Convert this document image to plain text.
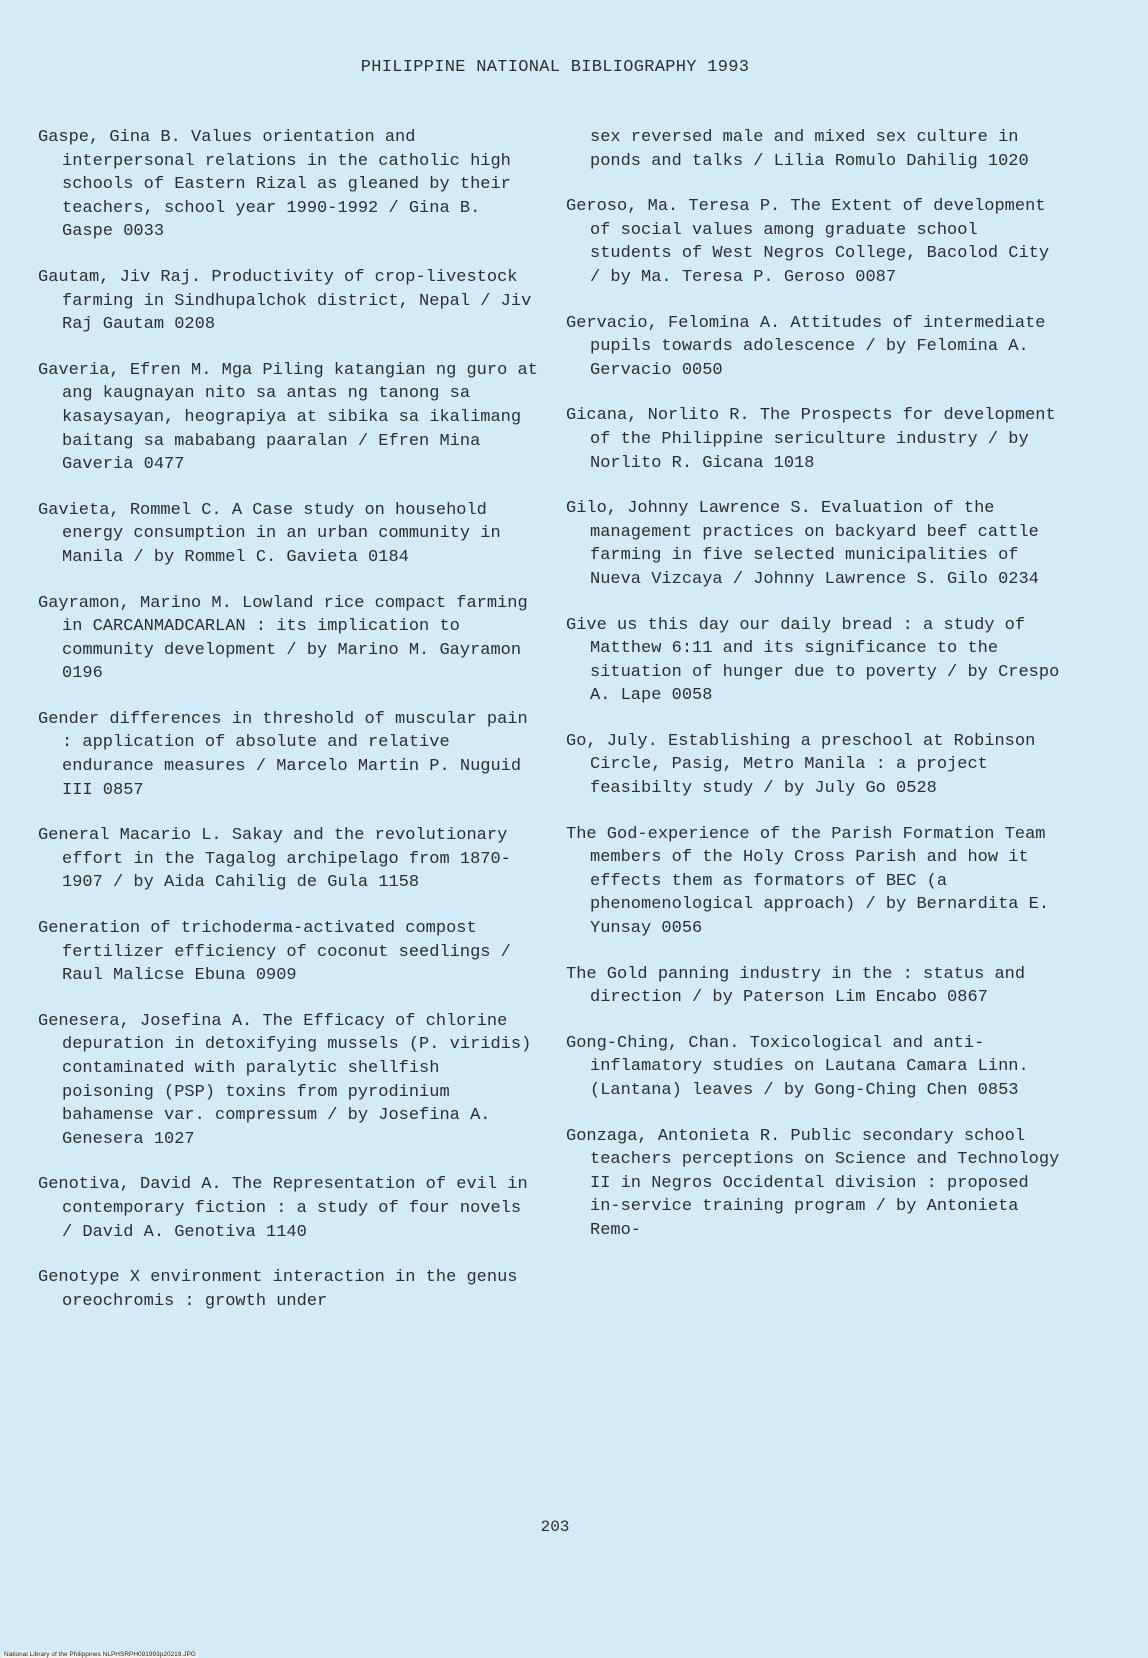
PHILIPPINE NATIONAL BIBLIOGRAPHY 1993

Gaspe, Gina B. Values orientation and interpersonal relations in the catholic high schools of Eastern Rizal as gleaned by their teachers, school year 1990-1992 / Gina B. Gaspe 0033

Gautam, Jiv Raj. Productivity of crop-livestock farming in Sindhupalchok district, Nepal / Jiv Raj Gautam 0208

Gaveria, Efren M. Mga Piling katangian ng guro at ang kaugnayan nito sa antas ng tanong sa kasaysayan, heograpiya at sibika sa ikalimang baitang sa mababang paaralan / Efren Mina Gaveria 0477

Gavieta, Rommel C. A Case study on household energy consumption in an urban community in Manila / by Rommel C. Gavieta 0184

Gayramon, Marino M. Lowland rice compact farming in CARCANMADCARLAN : its implication to community development / by Marino M. Gayramon 0196

Gender differences in threshold of muscular pain : application of absolute and relative endurance measures / Marcelo Martin P. Nuguid III 0857

General Macario L. Sakay and the revolutionary effort in the Tagalog archipelago from 1870-1907 / by Aida Cahilig de Gula 1158

Generation of trichoderma-activated compost fertilizer efficiency of coconut seedlings / Raul Malicse Ebuna 0909

Genesera, Josefina A. The Efficacy of chlorine depuration in detoxifying mussels (P. viridis) contaminated with paralytic shellfish poisoning (PSP) toxins from pyrodinium bahamense var. compressum / by Josefina A. Genesera 1027

Genotiva, David A. The Representation of evil in contemporary fiction : a study of four novels / David A. Genotiva 1140

Genotype X environment interaction in the genus oreochromis : growth under

sex reversed male and mixed sex culture in ponds and talks / Lilia Romulo Dahilig 1020

Geroso, Ma. Teresa P. The Extent of development of social values among graduate school students of West Negros College, Bacolod City / by Ma. Teresa P. Geroso 0087

Gervacio, Felomina A. Attitudes of intermediate pupils towards adolescence / by Felomina A. Gervacio 0050

Gicana, Norlito R. The Prospects for development of the Philippine sericulture industry / by Norlito R. Gicana 1018

Gilo, Johnny Lawrence S. Evaluation of the management practices on backyard beef cattle farming in five selected municipalities of Nueva Vizcaya / Johnny Lawrence S. Gilo 0234

Give us this day our daily bread : a study of Matthew 6:11 and its significance to the situation of hunger due to poverty / by Crespo A. Lape 0058

Go, July. Establishing a preschool at Robinson Circle, Pasig, Metro Manila : a project feasibilty study / by July Go 0528

The God-experience of the Parish Formation Team members of the Holy Cross Parish and how it effects them as formators of BEC (a phenomenological approach) / by Bernardita E. Yunsay 0056

The Gold panning industry in the : status and direction / by Paterson Lim Encabo 0867

Gong-Ching, Chan. Toxicological and anti-inflamatory studies on Lautana Camara Linn. (Lantana) leaves / by Gong-Ching Chen 0853

Gonzaga, Antonieta R. Public secondary school teachers perceptions on Science and Technology II in Negros Occidental division : proposed in-service training program / by Antonieta Remo-

203
National Library of the Philippines NLPHSRPH091993p20219.JPG
